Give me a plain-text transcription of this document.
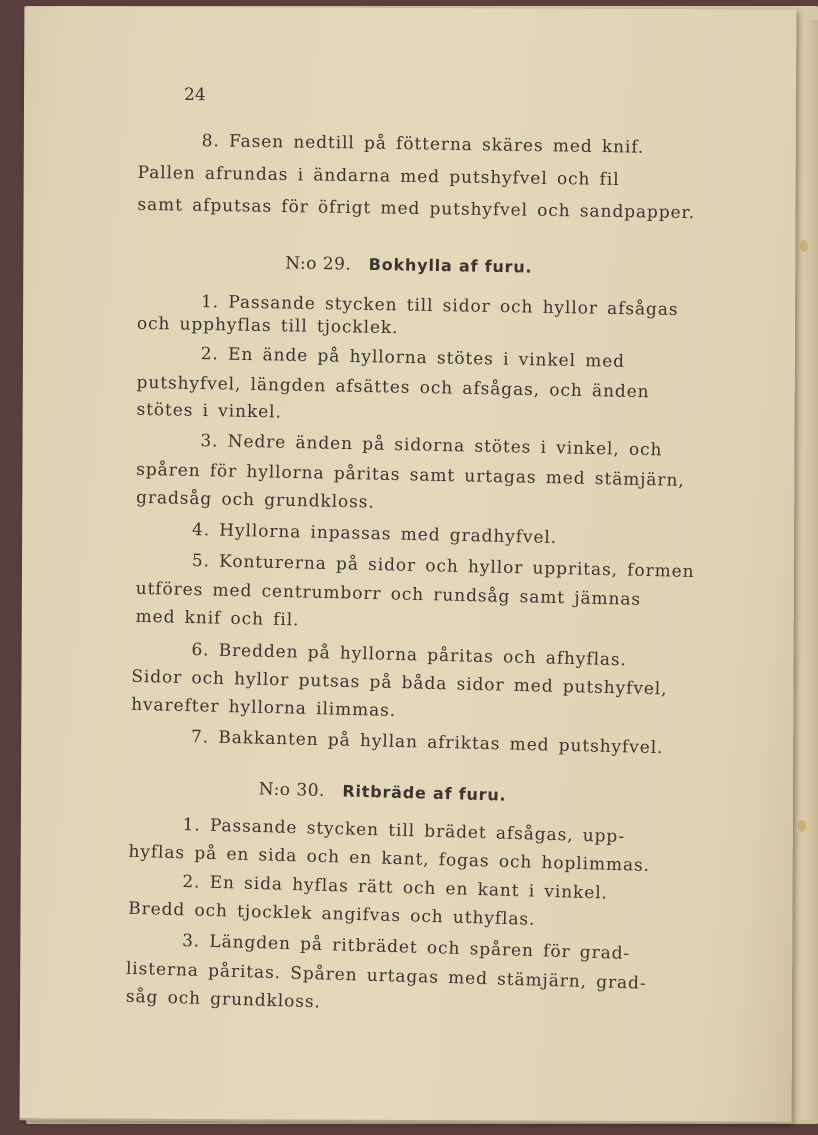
24
8. Fasen nedtill på fötterna skäres med knif.
Pallen afrundas i ändarna med putshyfvel och fil
samt afputsas för öfrigt med putshyfvel och sandpapper.
N:o 29. Bokhylla af furu.
1. Passande stycken till sidor och hyllor afsågas
och upphyflas till tjocklek.
2. En ände på hyllorna stötes i vinkel med
putshyfvel, längden afsättes och afsågas, och änden
stötes i vinkel.
3. Nedre änden på sidorna stötes i vinkel, och
spåren för hyllorna påritas samt urtagas med stämjärn,
gradsåg och grundkloss.
4. Hyllorna inpassas med gradhyfvel.
5. Konturerna på sidor och hyllor uppritas, formen
utföres med centrumborr och rundsåg samt jämnas
med knif och fil.
6. Bredden på hyllorna påritas och afhyflas.
Sidor och hyllor putsas på båda sidor med putshyfvel,
hvarefter hyllorna ilimmas.
7. Bakkanten på hyllan afriktas med putshyfvel.
N:o 30. Ritbräde af furu.
1. Passande stycken till brädet afsågas, upp-
hyflas på en sida och en kant, fogas och hoplimmas.
2. En sida hyflas rätt och en kant i vinkel.
Bredd och tjocklek angifvas och uthyflas.
3. Längden på ritbrädet och spåren för grad-
listerna påritas. Spåren urtagas med stämjärn, grad-
såg och grundkloss.
